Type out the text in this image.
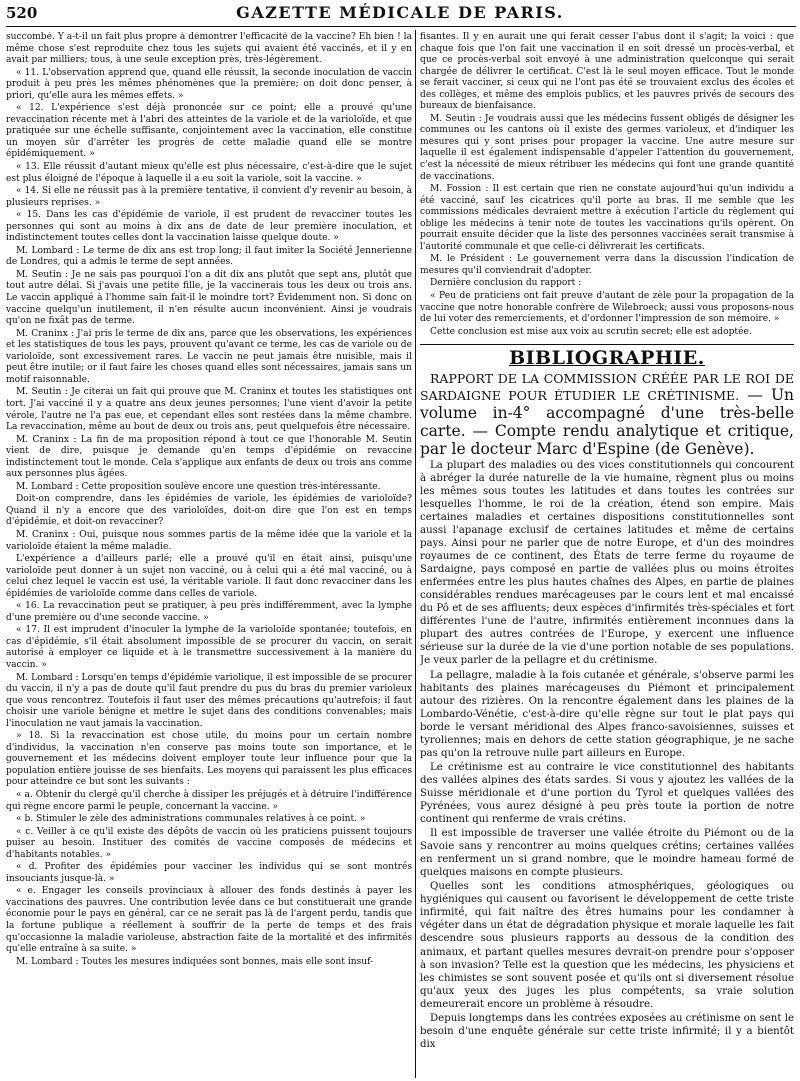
520	GAZETTE MÉDICALE DE PARIS.

succombé. Y a-t-il un fait plus propre à démontrer l'efficacité de la vaccine? Eh bien ! la même chose s'est reproduite chez tous les sujets qui avaient été vaccinés, et il y en avait par milliers; tous, à une seule exception près, très-légèrement.

« 11. L'observation apprend que, quand elle réussit, la seconde inoculation de vaccin produit à peu près les mêmes phénomènes que la première; on doit donc penser, à priori, qu'elle aura les mêmes effets. »

« 12. L'expérience s'est déjà prononcée sur ce point; elle a prouvé qu'une revaccination récente met à l'abri des atteintes de la variole et de la varioloïde, et que pratiquée sur une échelle suffisante, conjointement avec la vaccination, elle constitue un moyen sûr d'arrêter les progrès de cette maladie quand elle se montre épidémiquement. »

« 13. Elle réussit d'autant mieux qu'elle est plus nécessaire, c'est-à-dire que le sujet est plus éloigné de l'époque à laquelle il a eu soit la variole, soit la vaccine. »

« 14. Si elle ne réussit pas à la première tentative, il convient d'y revenir au besoin, à plusieurs reprises. »

« 15. Dans les cas d'épidémie de variole, il est prudent de revacciner toutes les personnes qui sont au moins à dix ans de date de leur première inoculation, et indistinctement toutes celles dont la vaccination laisse quelque doute. »

M. Lombard : Le terme de dix ans est trop long; il faut imiter la Société Jennerienne de Londres, qui a admis le terme de sept années.

M. Seutin : Je ne sais pas pourquoi l'on a dit dix ans plutôt que sept ans, plutôt que tout autre délai. Si j'avais une petite fille, je la vaccinerais tous les deux ou trois ans. Le vaccin appliqué à l'homme sain fait-il le moindre tort? Évidemment non. Si donc on vaccine quelqu'un inutilement, il n'en résulte aucun inconvénient. Ainsi je voudrais qu'on ne fixât pas de terme.

M. Craninx : J'ai pris le terme de dix ans, parce que les observations, les expériences et les statistiques de tous les pays, prouvent qu'avant ce terme, les cas de variole ou de varioloïde, sont excessivement rares. Le vaccin ne peut jamais être nuisible, mais il peut être inutile; or il faut faire les choses quand elles sont nécessaires, jamais sans un motif raisonnable.

M. Seutin : Je citerai un fait qui prouve que M. Craninx et toutes les statistiques ont tort. J'ai vacciné il y a quatre ans deux jeunes personnes; l'une vient d'avoir la petite vérole, l'autre ne l'a pas eue, et cependant elles sont restées dans la même chambre. La revaccination, même au bout de deux ou trois ans, peut quelquefois être nécessaire.

M. Craninx : La fin de ma proposition répond à tout ce que l'honorable M. Seutin vient de dire, puisque je demande qu'en temps d'épidémie on revaccine indistinctement tout le monde. Cela s'applique aux enfants de deux ou trois ans comme aux personnes plus âgées.

M. Lombard : Cette proposition soulève encore une question très-intéressante.

Doit-on comprendre, dans les épidémies de variole, les épidémies de varioloïde? Quand il n'y a encore que des varioloïdes, doit-on dire que l'on est en temps d'épidémie, et doit-on revacciner?

M. Craninx : Oui, puisque nous sommes partis de la même idée que la variole et la varioloïde étaient la même maladie.

L'expérience a d'ailleurs parlé; elle a prouvé qu'il en était ainsi, puisqu'une varioloïde peut donner à un sujet non vacciné, ou à celui qui a été mal vacciné, ou à celui chez lequel le vaccin est usé, la véritable variole. Il faut donc revacciner dans les épidémies de varioloïde comme dans celles de variole.

« 16. La revaccination peut se pratiquer, à peu près indifféremment, avec la lymphe d'une première ou d'une seconde vaccine. »

« 17. Il est imprudent d'inoculer la lymphe de la varioloïde spontanée; toutefois, en cas d'épidémie, s'il était absolument impossible de se procurer du vaccin, on serait autorisé à employer ce liquide et à le transmettre successivement à la manière du vaccin. »

M. Lombard : Lorsqu'en temps d'épidémie variolique, il est impossible de se procurer du vaccin, il n'y a pas de doute qu'il faut prendre du pus du bras du premier varioleux que vous rencontrez. Toutefois il faut user des mêmes précautions qu'autrefois; il faut choisir une variole bénigne et mettre le sujet dans des conditions convenables; mais l'inoculation ne vaut jamais la vaccination.

» 18. Si la revaccination est chose utile, du moins pour un certain nombre d'individus, la vaccination n'en conserve pas moins toute son importance, et le gouvernement et les médecins doivent employer toute leur influence pour que la population entière jouisse de ses bienfaits. Les moyens qui paraissent les plus efficaces pour atteindre ce but sont les suivants :

« a. Obtenir du clergé qu'il cherche à dissiper les préjugés et à détruire l'indifférence qui règne encore parmi le peuple, concernant la vaccine. »

« b. Stimuler le zèle des administrations communales relatives à ce point. »

« c. Veiller à ce qu'il existe des dépôts de vaccin où les praticiens puissent toujours puiser au besoin. Instituer des comités de vaccine composés de médecins et d'habitants notables. »

« d. Profiter des épidémies pour vacciner les individus qui se sont montrés insouciants jusque-là. »

« e. Engager les conseils provinciaux à allouer des fonds destinés à payer les vaccinations des pauvres. Une contribution levée dans ce but constituerait une grande économie pour le pays en général, car ce ne serait pas là de l'argent perdu, tandis que la fortune publique a réellement à souffrir de la perte de temps et des frais qu'occasionne la maladie varioleuse, abstraction faite de la mortalité et des infirmités qu'elle entraîne à sa suite. »

M. Lombard : Toutes les mesures indiquées sont bonnes, mais elle sont insuf-

fisantes. Il y en aurait une qui ferait cesser l'abus dont il s'agit; la voici : que chaque fois que l'on fait une vaccination il en soit dressé un procès-verbal, et que ce procès-verbal soit envoyé à une administration quelconque qui serait chargée de délivrer le certificat. C'est là le seul moyen efficace. Tout le monde se ferait vacciner, si ceux qui ne l'ont pas été se trouvaient exclus des écoles et des collèges, et même des emplois publics, et les pauvres privés de secours des bureaux de bienfaisance.

M. Seutin : Je voudrais aussi que les médecins fussent obligés de désigner les communes ou les cantons où il existe des germes varioleux, et d'indiquer les mesures qui y sont prises pour propager la vaccine. Une autre mesure sur laquelle il est également indispensable d'appeler l'attention du gouvernement, c'est la nécessité de mieux rétribuer les médecins qui font une grande quantité de vaccinations.

M. Fossion : Il est certain que rien ne constate aujourd'hui qu'un individu a été vacciné, sauf les cicatrices qu'il porte au bras. Il me semble que les commissions médicales devraient mettre à exécution l'article du règlement qui oblige les médecins à tenir note de toutes les vaccinations qu'ils opèrent. On pourrait ensuite décider que la liste des personnes vaccinées serait transmise à l'autorité communale et que celle-ci délivrerait les certificats.

M. le Président : Le gouvernement verra dans la discussion l'indication de mesures qu'il conviendrait d'adopter.

Dernière conclusion du rapport :

« Peu de praticiens ont fait preuve d'autant de zèle pour la propagation de la vaccine que notre honorable confrère de Wilebroeck; aussi vous proposons-nous de lui voter des remerciements, et d'ordonner l'impression de son mémoire. »

Cette conclusion est mise aux voix au scrutin secret; elle est adoptée.

BIBLIOGRAPHIE.

RAPPORT DE LA COMMISSION CRÉÉE PAR LE ROI DE SARDAIGNE POUR ÉTUDIER LE CRÉTINISME. — Un volume in-4° accompagné d'une très-belle carte. — Compte rendu analytique et critique, par le docteur Marc d'Espine (de Genève).

La plupart des maladies ou des vices constitutionnels qui concourent à abréger la durée naturelle de la vie humaine, règnent plus ou moins les mêmes sous toutes les latitudes et dans toutes les contrées sur lesquelles l'homme, le roi de la création, étend son empire. Mais certaines maladies et certaines dispositions constitutionnelles sont aussi l'apanage exclusif de certaines latitudes et même de certains pays. Ainsi pour ne parler que de notre Europe, et d'un des moindres royaumes de ce continent, des États de terre ferme du royaume de Sardaigne, pays composé en partie de vallées plus ou moins étroites enfermées entre les plus hautes chaînes des Alpes, en partie de plaines considérables rendues marécageuses par le cours lent et mal encaissé du Pô et de ses affluents; deux espèces d'infirmités très-spéciales et fort différentes l'une de l'autre, infirmités entièrement inconnues dans la plupart des autres contrées de l'Europe, y exercent une influence sérieuse sur la durée de la vie d'une portion notable de ses populations. Je veux parler de la pellagre et du crétinisme.

La pellagre, maladie à la fois cutanée et générale, s'observe parmi les habitants des plaines marécageuses du Piémont et principalement autour des rizières. On la rencontre également dans les plaines de la Lombardo-Vénétie, c'est-à-dire qu'elle règne sur tout le plat pays qui borde le versant méridional des Alpes franco-savoisiennes, suisses et tyroliennes; mais en dehors de cette station géographique, je ne sache pas qu'on la retrouve nulle part ailleurs en Europe.

Le crétinisme est au contraire le vice constitutionnel des habitants des vallées alpines des états sardes. Si vous y ajoutez les vallées de la Suisse méridionale et d'une portion du Tyrol et quelques vallées des Pyrénées, vous aurez désigné à peu près toute la portion de notre continent qui renferme de vrais crétins.

Il est impossible de traverser une vallée étroite du Piémont ou de la Savoie sans y rencontrer au moins quelques crétins; certaines vallées en renferment un si grand nombre, que le moindre hameau formé de quelques maisons en compte plusieurs.

Quelles sont les conditions atmosphériques, géologiques ou hygiéniques qui causent ou favorisent le développement de cette triste infirmité, qui fait naître des êtres humains pour les condamner à végéter dans un état de dégradation physique et morale laquelle les fait descendre sous plusieurs rapports au dessous de la condition des animaux, et partant quelles mesures devrait-on prendre pour s'opposer à son invasion? Telle est la question que les médecins, les physiciens et les chimistes se sont souvent posée et qu'ils ont si diversement résolue qu'aux yeux des juges les plus compétents, sa vraie solution demeurerait encore un problème à résoudre.

Depuis longtemps dans les contrées exposées au crétinisme on sent le besoin d'une enquête générale sur cette triste infirmité; il y a bientôt dix
